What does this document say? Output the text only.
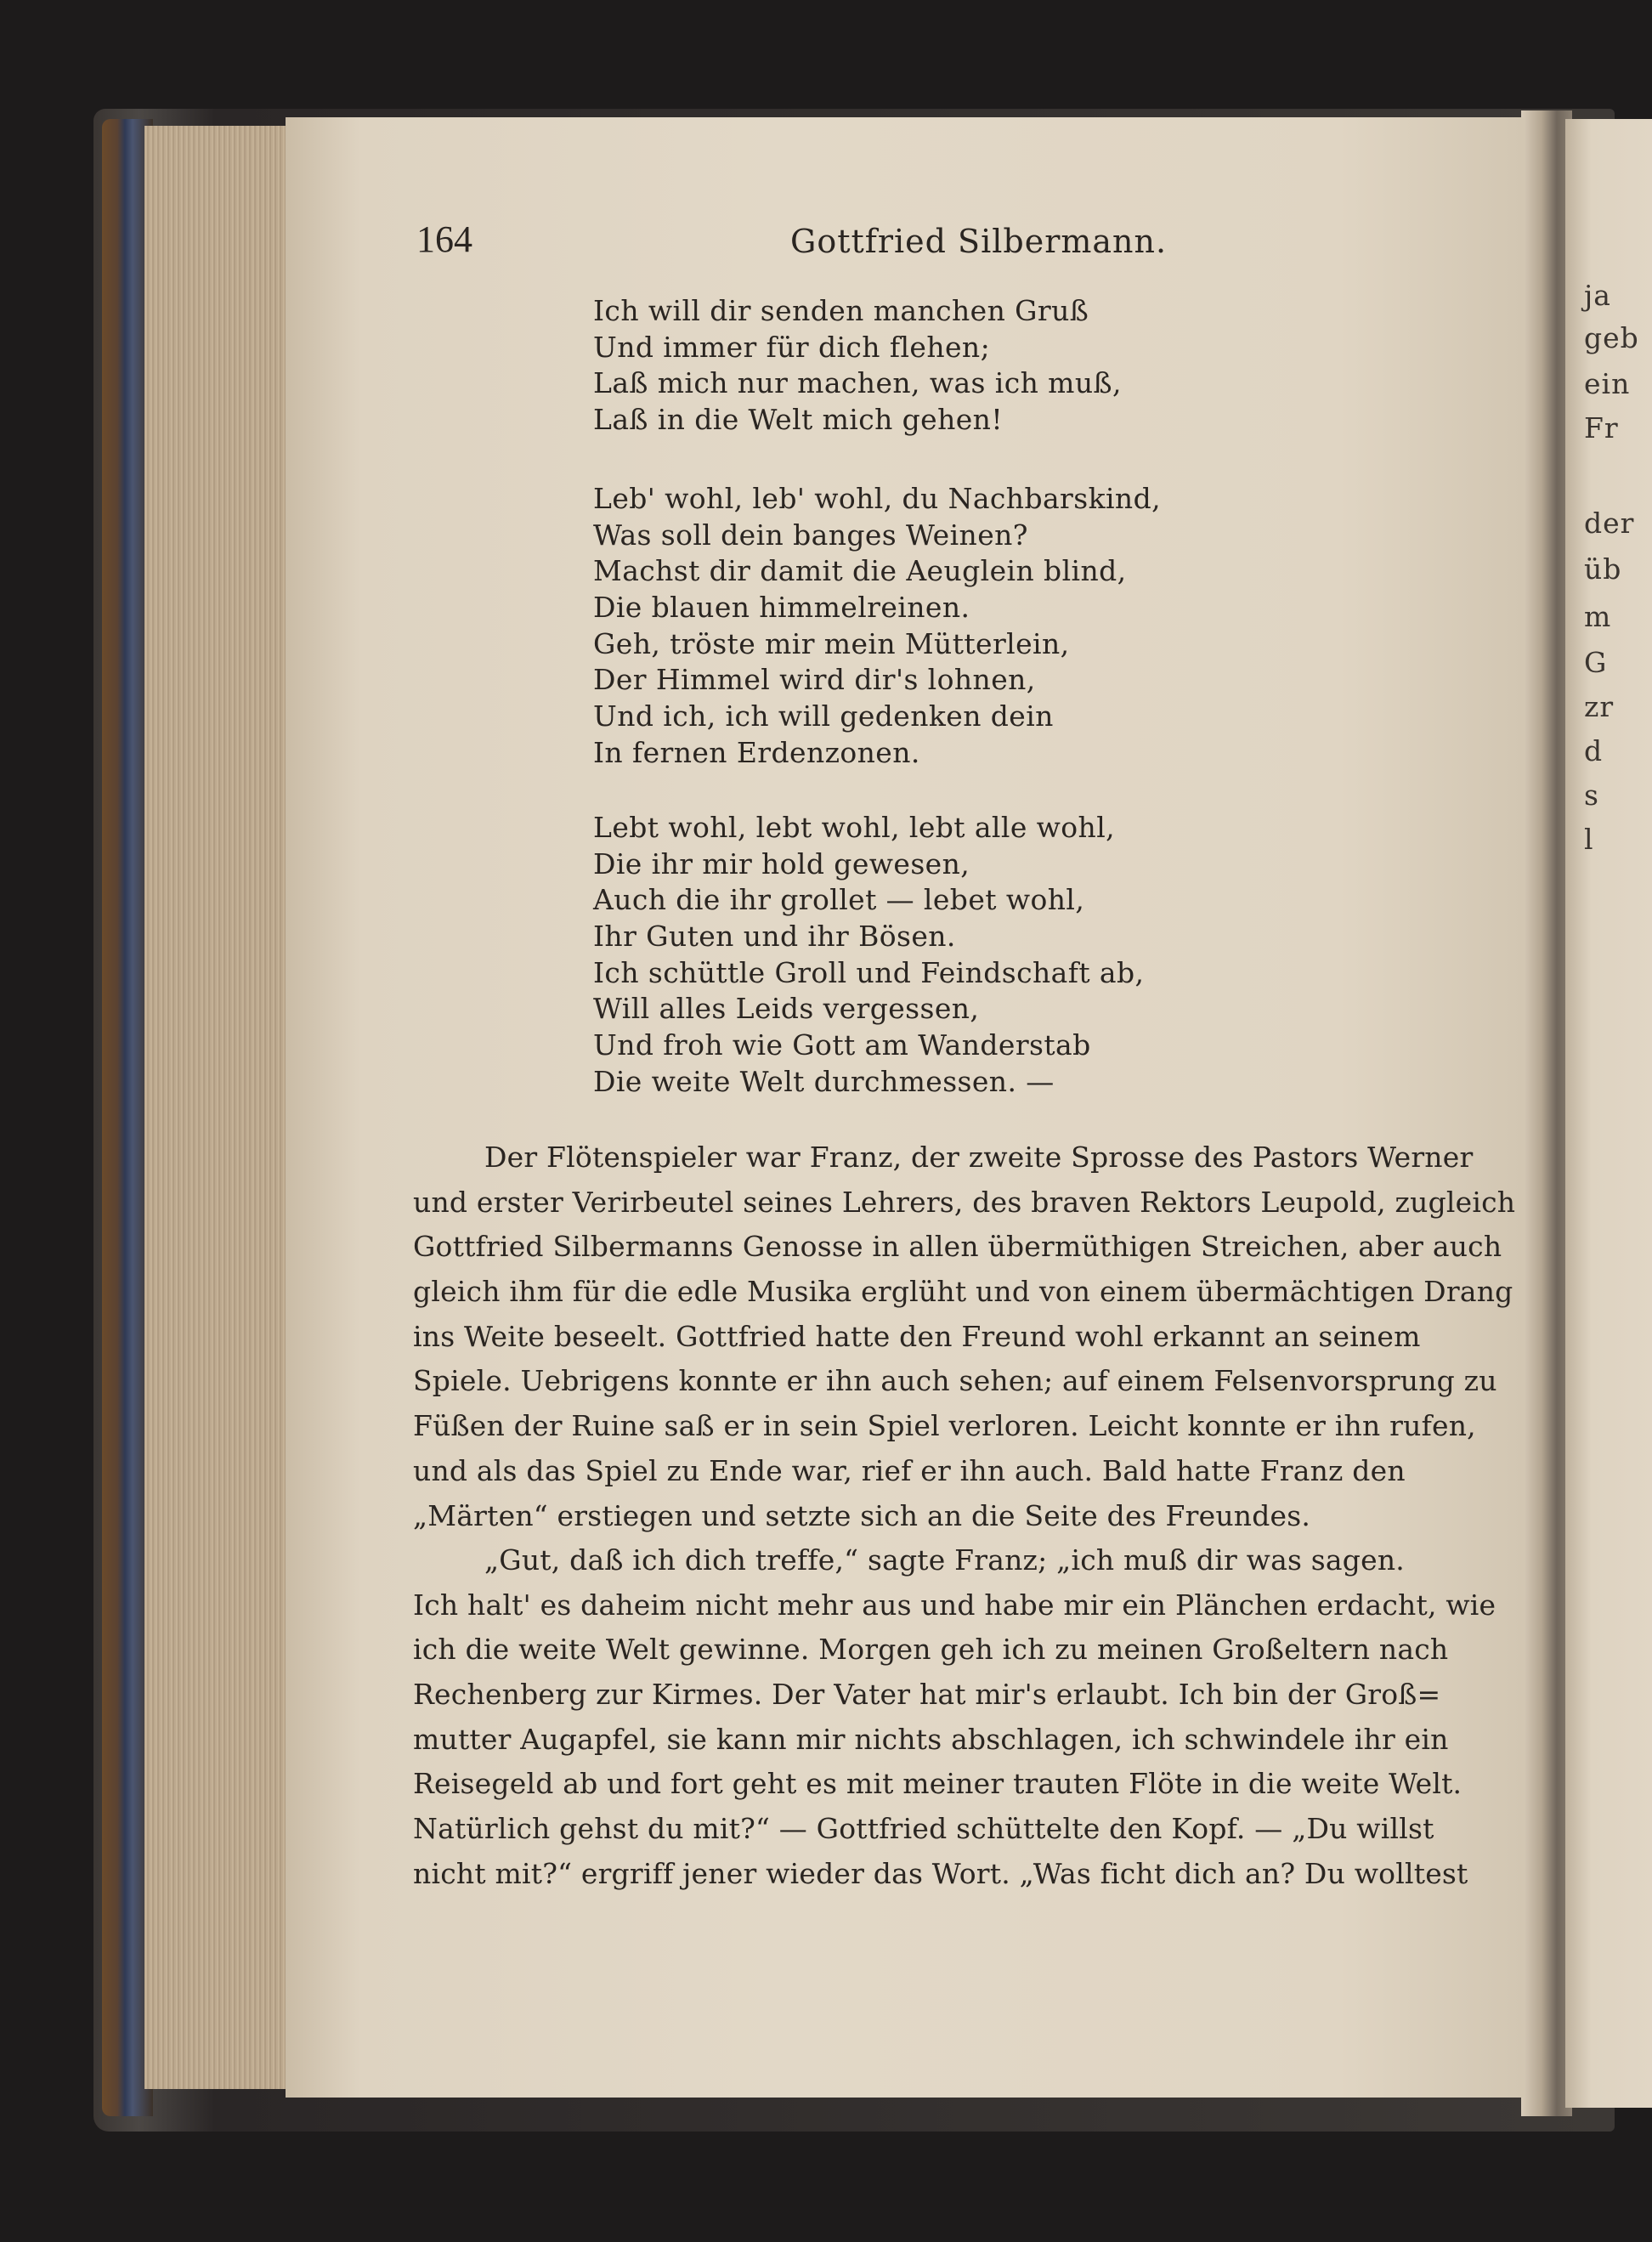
ja

geb

ein

Fr

der

üb

m

G

zr

d

s

l

164	Gottfried Silbermann.

Ich will dir senden manchen Gruß
Und immer für dich flehen;
Laß mich nur machen, was ich muß,
Laß in die Welt mich gehen!
Leb' wohl, leb' wohl, du Nachbarskind,
Was soll dein banges Weinen?
Machst dir damit die Aeuglein blind,
Die blauen himmelreinen.
Geh, tröste mir mein Mütterlein,
Der Himmel wird dir's lohnen,
Und ich, ich will gedenken dein
In fernen Erdenzonen.
Lebt wohl, lebt wohl, lebt alle wohl,
Die ihr mir hold gewesen,
Auch die ihr grollet — lebet wohl,
Ihr Guten und ihr Bösen.
Ich schüttle Groll und Feindschaft ab,
Will alles Leids vergessen,
Und froh wie Gott am Wanderstab
Die weite Welt durchmessen. —
Der Flötenspieler war Franz, der zweite Sprosse des Pastors Werner
und erster Verirbeutel seines Lehrers, des braven Rektors Leupold, zugleich
Gottfried Silbermanns Genosse in allen übermüthigen Streichen, aber auch
gleich ihm für die edle Musika erglüht und von einem übermächtigen Drang
ins Weite beseelt. Gottfried hatte den Freund wohl erkannt an seinem
Spiele. Uebrigens konnte er ihn auch sehen; auf einem Felsenvorsprung zu
Füßen der Ruine saß er in sein Spiel verloren. Leicht konnte er ihn rufen,
und als das Spiel zu Ende war, rief er ihn auch. Bald hatte Franz den
„Märten“ erstiegen und setzte sich an die Seite des Freundes.
„Gut, daß ich dich treffe,“ sagte Franz; „ich muß dir was sagen.
Ich halt' es daheim nicht mehr aus und habe mir ein Plänchen erdacht, wie
ich die weite Welt gewinne. Morgen geh ich zu meinen Großeltern nach
Rechenberg zur Kirmes. Der Vater hat mir's erlaubt. Ich bin der Groß=
mutter Augapfel, sie kann mir nichts abschlagen, ich schwindele ihr ein
Reisegeld ab und fort geht es mit meiner trauten Flöte in die weite Welt.
Natürlich gehst du mit?“ — Gottfried schüttelte den Kopf. — „Du willst
nicht mit?“ ergriff jener wieder das Wort. „Was ficht dich an? Du wolltest
